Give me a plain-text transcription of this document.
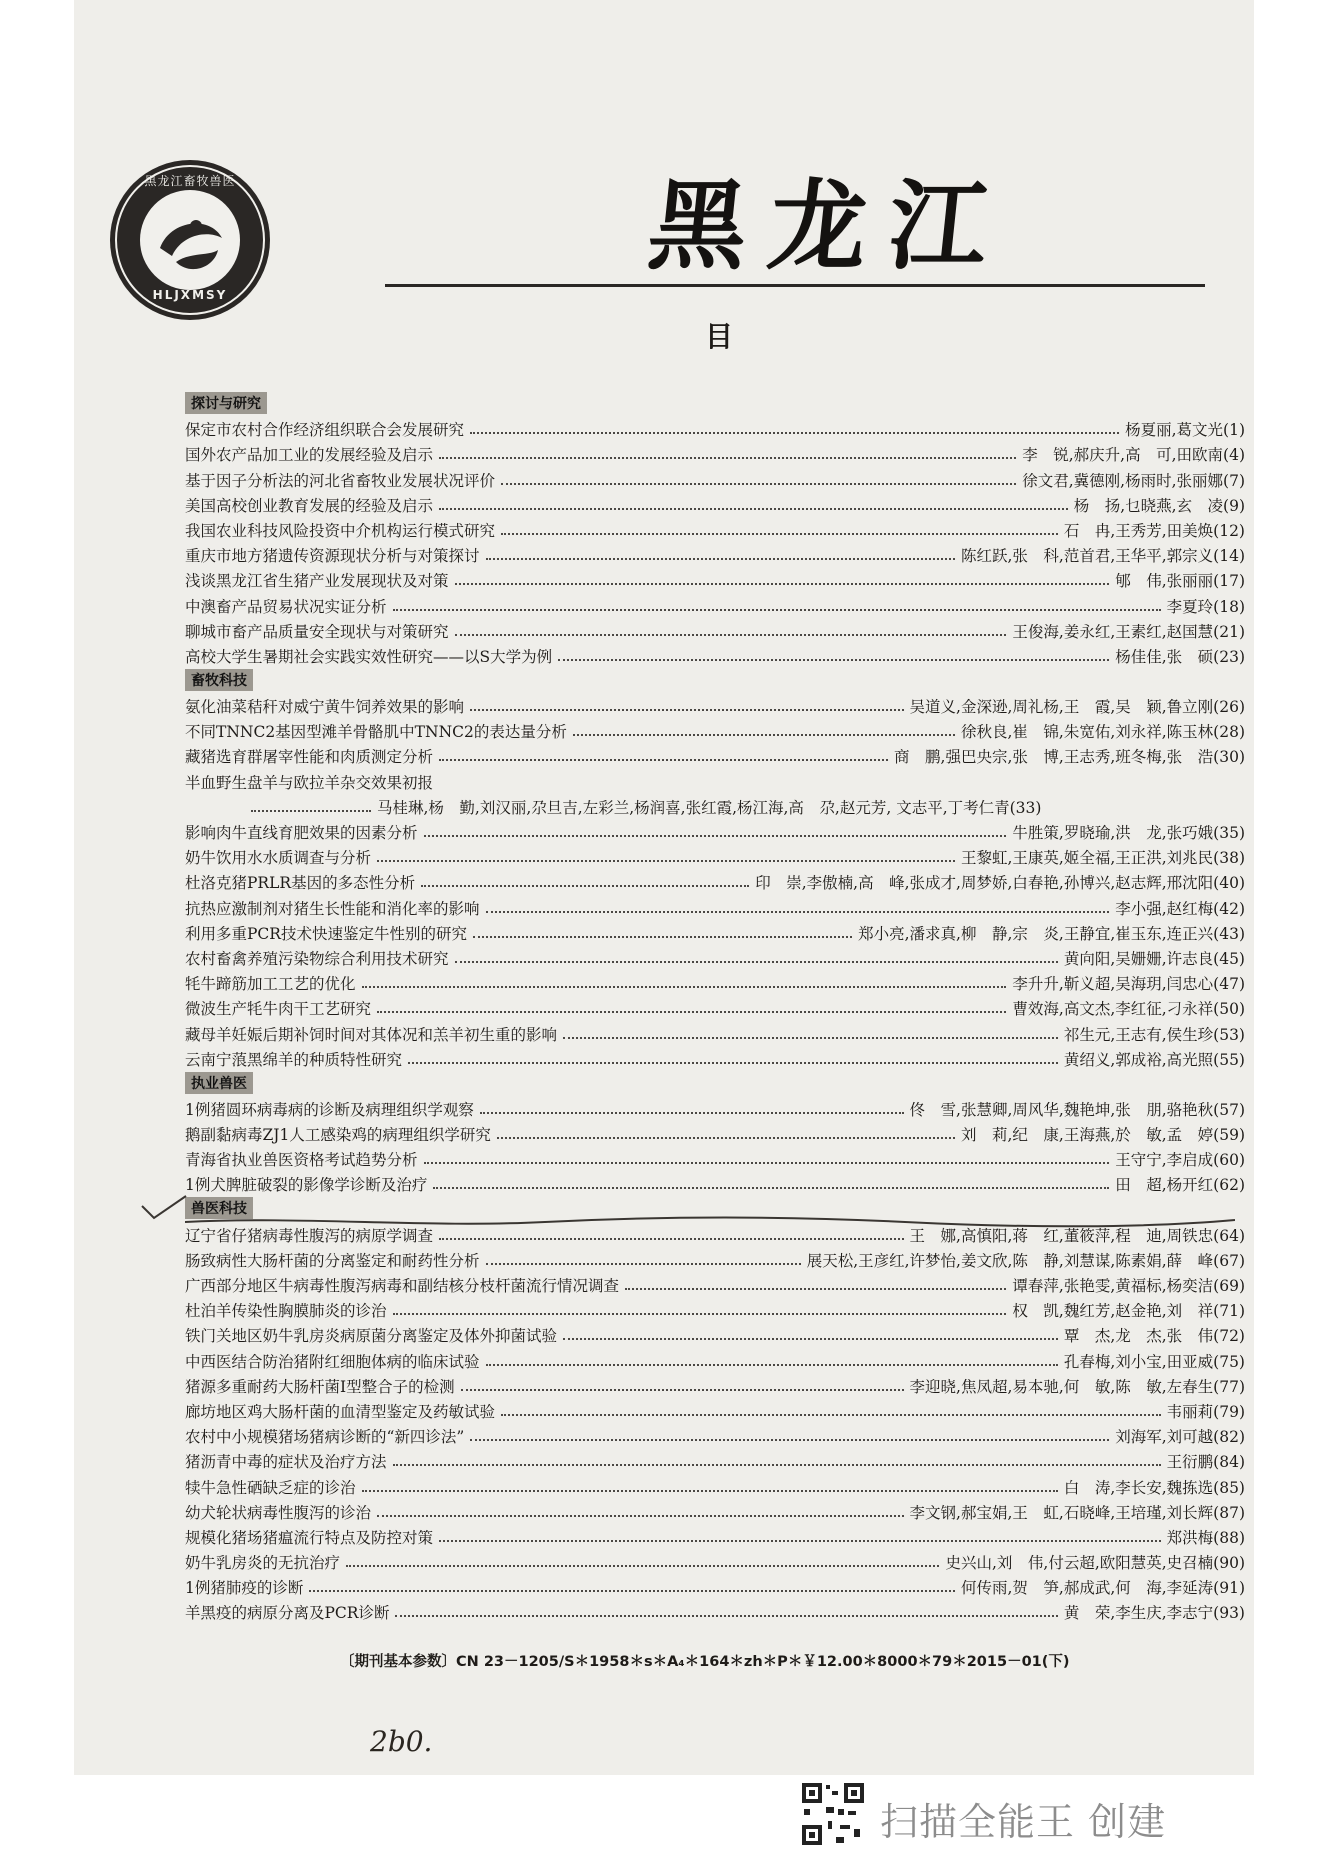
黑龙江畜牧兽医
HLJXMSY
黑龙江
目
探讨与研究
保定市农村合作经济组织联合会发展研究	杨夏丽,葛文光(1)
国外农产品加工业的发展经验及启示	李　锐,郝庆升,高　可,田欧南(4)
基于因子分析法的河北省畜牧业发展状况评价	徐文君,冀德刚,杨雨时,张丽娜(7)
美国高校创业教育发展的经验及启示	杨　扬,乜晓燕,玄　凌(9)
我国农业科技风险投资中介机构运行模式研究	石　冉,王秀芳,田美焕(12)
重庆市地方猪遗传资源现状分析与对策探讨	陈红跃,张　科,范首君,王华平,郭宗义(14)
浅谈黑龙江省生猪产业发展现状及对策	郇　伟,张丽丽(17)
中澳畜产品贸易状况实证分析	李夏玲(18)
聊城市畜产品质量安全现状与对策研究	王俊海,姜永红,王素红,赵国慧(21)
高校大学生暑期社会实践实效性研究——以S大学为例	杨佳佳,张　硕(23)
畜牧科技
氨化油菜秸秆对威宁黄牛饲养效果的影响	吴道义,金深逊,周礼杨,王　霞,吴　颖,鲁立刚(26)
不同TNNC2基因型滩羊骨骼肌中TNNC2的表达量分析	徐秋良,崔　锦,朱宽佑,刘永祥,陈玉林(28)
藏猪选育群屠宰性能和肉质测定分析	商　鹏,强巴央宗,张　博,王志秀,班冬梅,张　浩(30)
半血野生盘羊与欧拉羊杂交效果初报
马桂琳,杨　勤,刘汉丽,尕旦吉,左彩兰,杨润喜,张红霞,杨江海,高　尕,赵元芳, 文志平,丁考仁青(33)
影响肉牛直线育肥效果的因素分析	牛胜策,罗晓瑜,洪　龙,张巧娥(35)
奶牛饮用水水质调查与分析	王黎虹,王康英,姬全福,王正洪,刘兆民(38)
杜洛克猪PRLR基因的多态性分析	印　崇,李傲楠,高　峰,张成才,周梦娇,白春艳,孙博兴,赵志辉,邢沈阳(40)
抗热应激制剂对猪生长性能和消化率的影响	李小强,赵红梅(42)
利用多重PCR技术快速鉴定牛性别的研究	郑小亮,潘求真,柳　静,宗　炎,王静宜,崔玉东,连正兴(43)
农村畜禽养殖污染物综合利用技术研究	黄向阳,吴姗姗,许志良(45)
牦牛蹄筋加工工艺的优化	李升升,靳义超,吴海玥,闫忠心(47)
微波生产牦牛肉干工艺研究	曹效海,高文杰,李红征,刁永祥(50)
藏母羊妊娠后期补饲时间对其体况和羔羊初生重的影响	祁生元,王志有,侯生珍(53)
云南宁蒗黑绵羊的种质特性研究	黄绍义,郭成裕,高光照(55)
执业兽医
1例猪圆环病毒病的诊断及病理组织学观察	佟　雪,张慧卿,周风华,魏艳坤,张　朋,骆艳秋(57)
鹅副黏病毒ZJ1人工感染鸡的病理组织学研究	刘　莉,纪　康,王海燕,於　敏,孟　婷(59)
青海省执业兽医资格考试趋势分析	王守宁,李启成(60)
1例犬脾脏破裂的影像学诊断及治疗	田　超,杨开红(62)
兽医科技
辽宁省仔猪病毒性腹泻的病原学调查	王　娜,高慎阳,蒋　红,董筱萍,程　迪,周铁忠(64)
肠致病性大肠杆菌的分离鉴定和耐药性分析	展天松,王彦红,许梦怡,姜文欣,陈　静,刘慧谋,陈素娟,薛　峰(67)
广西部分地区牛病毒性腹泻病毒和副结核分枝杆菌流行情况调查	谭春萍,张艳雯,黄福标,杨奕洁(69)
杜泊羊传染性胸膜肺炎的诊治	权　凯,魏红芳,赵金艳,刘　祥(71)
铁门关地区奶牛乳房炎病原菌分离鉴定及体外抑菌试验	覃　杰,龙　杰,张　伟(72)
中西医结合防治猪附红细胞体病的临床试验	孔春梅,刘小宝,田亚威(75)
猪源多重耐药大肠杆菌Ⅰ型整合子的检测	李迎晓,焦凤超,易本驰,何　敏,陈　敏,左春生(77)
廊坊地区鸡大肠杆菌的血清型鉴定及药敏试验	韦丽莉(79)
农村中小规模猪场猪病诊断的“新四诊法”	刘海军,刘可越(82)
猪沥青中毒的症状及治疗方法	王衍鹏(84)
犊牛急性硒缺乏症的诊治	白　涛,李长安,魏拣选(85)
幼犬轮状病毒性腹泻的诊治	李文钢,郝宝娟,王　虹,石晓峰,王培瑾,刘长辉(87)
规模化猪场猪瘟流行特点及防控对策	郑洪梅(88)
奶牛乳房炎的无抗治疗	史兴山,刘　伟,付云超,欧阳慧英,史召楠(90)
1例猪肺疫的诊断	何传雨,贺　笋,郝成武,何　海,李延涛(91)
羊黑疫的病原分离及PCR诊断	黄　荣,李生庆,李志宁(93)
〔期刊基本参数〕CN 23－1205/S＊1958＊s＊A₄＊164＊zh＊P＊￥12.00＊8000＊79＊2015－01(下)
2b0.
扫描全能王 创建
